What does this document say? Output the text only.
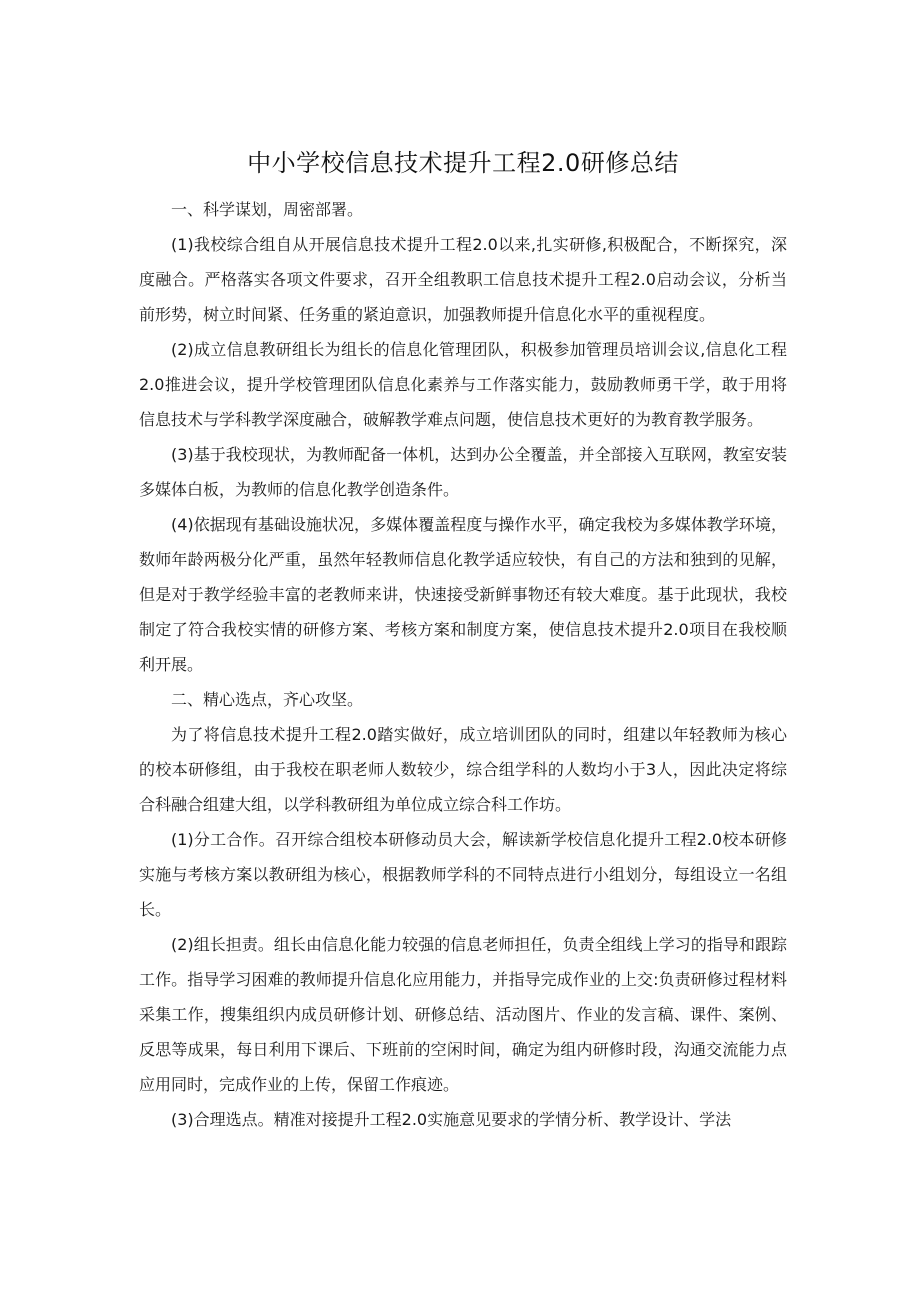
中小学校信息技术提升工程2.0研修总结

一、科学谋划，周密部署。

(1)我校综合组自从开展信息技术提升工程2.0以来,扎实研修,积极配合，不断探究，深度融合。严格落实各项文件要求，召开全组教职工信息技术提升工程2.0启动会议，分析当前形势，树立时间紧、任务重的紧迫意识，加强教师提升信息化水平的重视程度。

(2)成立信息教研组长为组长的信息化管理团队，积极参加管理员培训会议,信息化工程2.0推进会议，提升学校管理团队信息化素养与工作落实能力，鼓励教师勇干学，敢于用将信息技术与学科教学深度融合，破解教学难点问题，使信息技术更好的为教育教学服务。

(3)基于我校现状，为教师配备一体机，达到办公全覆盖，并全部接入互联网，教室安装多媒体白板，为教师的信息化教学创造条件。

(4)依据现有基础设施状况，多媒体覆盖程度与操作水平，确定我校为多媒体教学环境，数师年龄两极分化严重，虽然年轻教师信息化教学适应较快，有自己的方法和独到的见解，但是对于教学经验丰富的老教师来讲，快速接受新鲜事物还有较大难度。基于此现状，我校制定了符合我校实情的研修方案、考核方案和制度方案，使信息技术提升2.0项目在我校顺利开展。

二、精心选点，齐心攻坚。

为了将信息技术提升工程2.0踏实做好，成立培训团队的同时，组建以年轻教师为核心的校本研修组，由于我校在职老师人数较少，综合组学科的人数均小于3人，因此决定将综合科融合组建大组，以学科教研组为单位成立综合科工作坊。

(1)分工合作。召开综合组校本研修动员大会，解读新学校信息化提升工程2.0校本研修实施与考核方案以教研组为核心，根据教师学科的不同特点进行小组划分，每组设立一名组长。

(2)组长担责。组长由信息化能力较强的信息老师担任，负责全组线上学习的指导和跟踪工作。指导学习困难的教师提升信息化应用能力，并指导完成作业的上交:负责研修过程材料采集工作，搜集组织内成员研修计划、研修总结、活动图片、作业的发言稿、课件、案例、反思等成果，每日利用下课后、下班前的空闲时间，确定为组内研修时段，沟通交流能力点应用同时，完成作业的上传，保留工作痕迹。

(3)合理选点。精准对接提升工程2.0实施意见要求的学情分析、教学设计、学法
